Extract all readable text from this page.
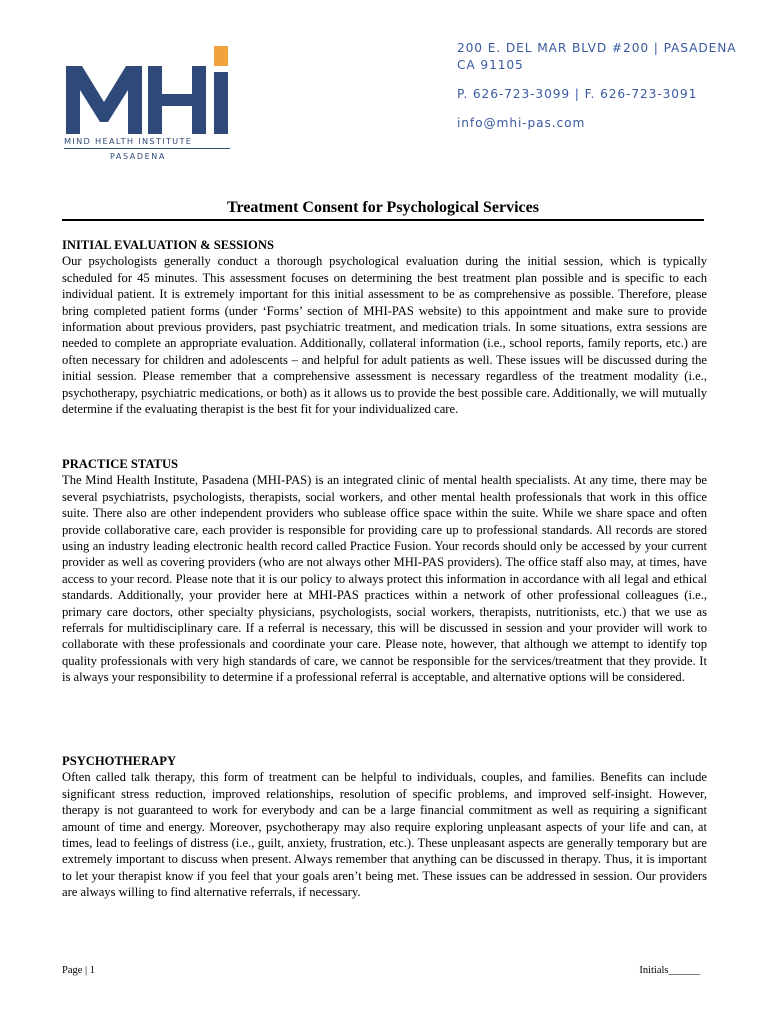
MIND HEALTH INSTITUTE
PASADENA
200 E. DEL MAR BLVD #200 | PASADENA
CA 91105
P. 626-723-3099 | F. 626-723-3091
info@mhi-pas.com
Treatment Consent for Psychological Services
INITIAL EVALUATION & SESSIONS

Our psychologists generally conduct a thorough psychological evaluation during the initial session, which is typically scheduled for 45 minutes. This assessment focuses on determining the best treatment plan possible and is specific to each individual patient. It is extremely important for this initial assessment to be as comprehensive as possible. Therefore, please bring completed patient forms (under ‘Forms’ section of MHI-PAS website) to this appointment and make sure to provide information about previous providers, past psychiatric treatment, and medication trials. In some situations, extra sessions are needed to complete an appropriate evaluation. Additionally, collateral information (i.e., school reports, family reports, etc.) are often necessary for children and adolescents – and helpful for adult patients as well. These issues will be discussed during the initial session. Please remember that a comprehensive assessment is necessary regardless of the treatment modality (i.e., psychotherapy, psychiatric medications, or both) as it allows us to provide the best possible care. Additionally, we will mutually determine if the evaluating therapist is the best fit for your individualized care.

PRACTICE STATUS

The Mind Health Institute, Pasadena (MHI-PAS) is an integrated clinic of mental health specialists. At any time, there may be several psychiatrists, psychologists, therapists, social workers, and other mental health professionals that work in this office suite. There also are other independent providers who sublease office space within the suite. While we share space and often provide collaborative care, each provider is responsible for providing care up to professional standards. All records are stored using an industry leading electronic health record called Practice Fusion. Your records should only be accessed by your current provider as well as covering providers (who are not always other MHI-PAS providers). The office staff also may, at times, have access to your record. Please note that it is our policy to always protect this information in accordance with all legal and ethical standards. Additionally, your provider here at MHI-PAS practices within a network of other professional colleagues (i.e., primary care doctors, other specialty physicians, psychologists, social workers, therapists, nutritionists, etc.) that we use as referrals for multidisciplinary care. If a referral is necessary, this will be discussed in session and your provider will work to collaborate with these professionals and coordinate your care. Please note, however, that although we attempt to identify top quality professionals with very high standards of care, we cannot be responsible for the services/treatment that they provide. It is always your responsibility to determine if a professional referral is acceptable, and alternative options will be considered.

PSYCHOTHERAPY

Often called talk therapy, this form of treatment can be helpful to individuals, couples, and families. Benefits can include significant stress reduction, improved relationships, resolution of specific problems, and improved self-insight. However, therapy is not guaranteed to work for everybody and can be a large financial commitment as well as requiring a significant amount of time and energy. Moreover, psychotherapy may also require exploring unpleasant aspects of your life and can, at times, lead to feelings of distress (i.e., guilt, anxiety, frustration, etc.). These unpleasant aspects are generally temporary but are extremely important to discuss when present. Always remember that anything can be discussed in therapy. Thus, it is important to let your therapist know if you feel that your goals aren’t being met. These issues can be addressed in session. Our providers are always willing to find alternative referrals, if necessary.

Page | 1	Initials______
